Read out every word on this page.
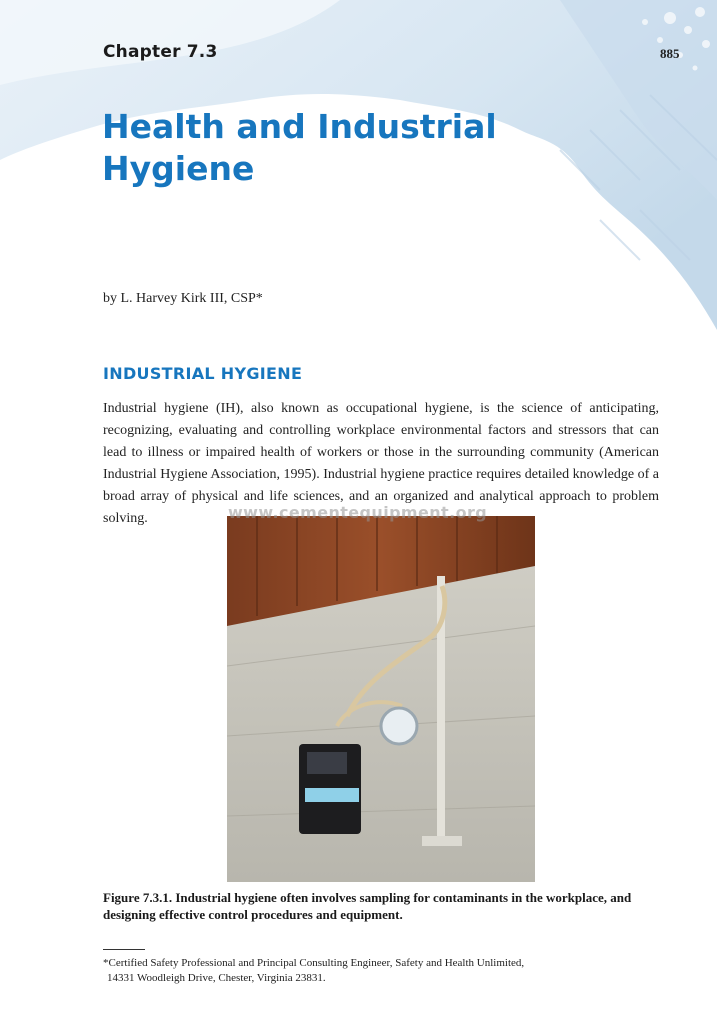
Chapter 7.3	885
Health and Industrial
Hygiene
by L. Harvey Kirk III, CSP*
INDUSTRIAL HYGIENE

Industrial hygiene (IH), also known as occupational hygiene, is the science of anticipating, recognizing, evaluating and controlling workplace environmental factors and stressors that can lead to illness or impaired health of workers or those in the surrounding community (American Industrial Hygiene Association, 1995). Industrial hygiene practice requires detailed knowledge of a broad array of physical and life sciences, and an organized and analytical approach to problem solving.	www.cementequipment.org

Figure 7.3.1. Industrial hygiene often involves sampling for contaminants in the workplace, and designing effective control procedures and equipment.

*Certified Safety Professional and Principal Consulting Engineer, Safety and Health Unlimited,
14331 Woodleigh Drive, Chester, Virginia 23831.
